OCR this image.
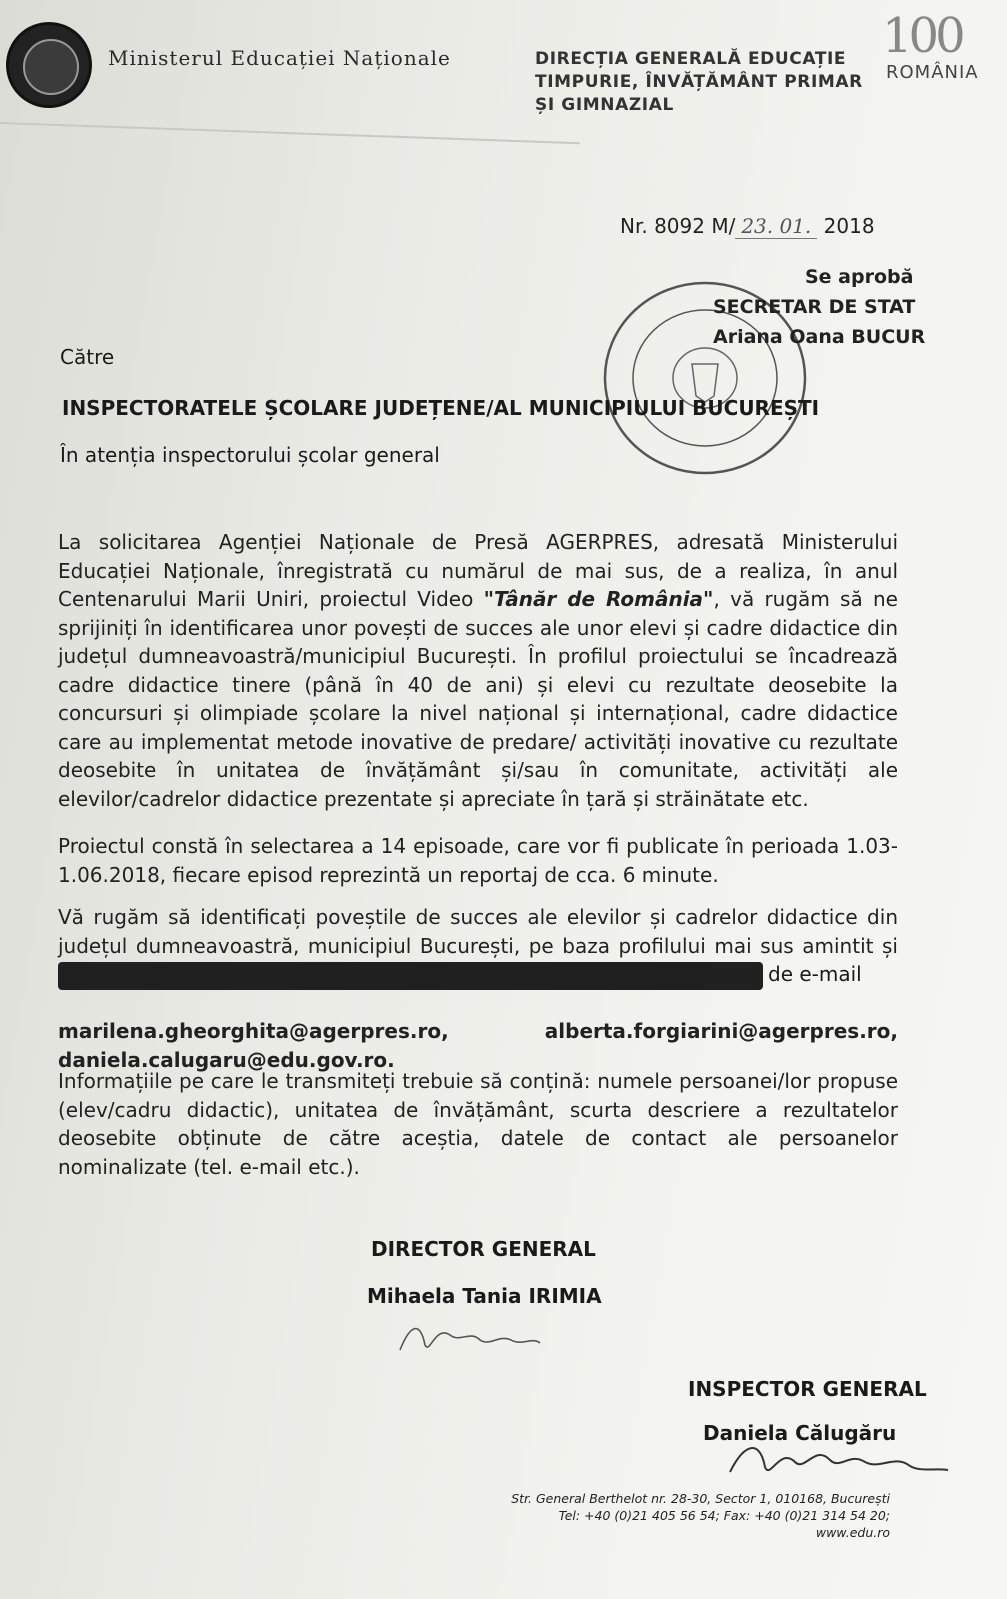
Ministerul Educației Naționale	DIRECȚIA GENERALĂ EDUCAȚIE
TIMPURIE, ÎNVĂȚĂMÂNT PRIMAR
ȘI GIMNAZIAL
100
ROMÂNIA
Nr. 8092 M/ 23. 01. 2018
Se aprobă
SECRETAR DE STAT
Ariana Oana BUCUR
Către
INSPECTORATELE ȘCOLARE JUDEȚENE/AL MUNICIPIULUI BUCUREȘTI
În atenția inspectorului școlar general
La solicitarea Agenției Naționale de Presă AGERPRES, adresată Ministerului Educației Naționale, înregistrată cu numărul de mai sus, de a realiza, în anul Centenarului Marii Uniri, proiectul Video "Tânăr de România", vă rugăm să ne sprijiniți în identificarea unor povești de succes ale unor elevi și cadre didactice din județul dumneavoastră/municipiul București. În profilul proiectului se încadrează cadre didactice tinere (până în 40 de ani) și elevi cu rezultate deosebite la concursuri și olimpiade școlare la nivel național și internațional, cadre didactice care au implementat metode inovative de predare/ activități inovative cu rezultate deosebite în unitatea de învățământ și/sau în comunitate, activități ale elevilor/cadrelor didactice prezentate și apreciate în țară și străinătate etc.
Proiectul constă în selectarea a 14 episoade, care vor fi publicate în perioada 1.03-1.06.2018, fiecare episod reprezintă un reportaj de cca. 6 minute.
Vă rugăm să identificați poveștile de succes ale elevilor și cadrelor didactice din județul dumneavoastră, municipiul București, pe baza profilului mai sus amintit și
marilena.gheorghita@agerpres.ro, alberta.forgiarini@agerpres.ro, daniela.calugaru@edu.gov.ro.
de e-mail
Informațiile pe care le transmiteți trebuie să conțină: numele persoanei/lor propuse (elev/cadru didactic), unitatea de învățământ, scurta descriere a rezultatelor deosebite obținute de către aceștia, datele de contact ale persoanelor nominalizate (tel. e-mail etc.).
DIRECTOR GENERAL
Mihaela Tania IRIMIA
INSPECTOR GENERAL
Daniela Călugăru
Str. General Berthelot nr. 28-30, Sector 1, 010168, București
Tel: +40 (0)21 405 56 54; Fax: +40 (0)21 314 54 20; www.edu.ro
